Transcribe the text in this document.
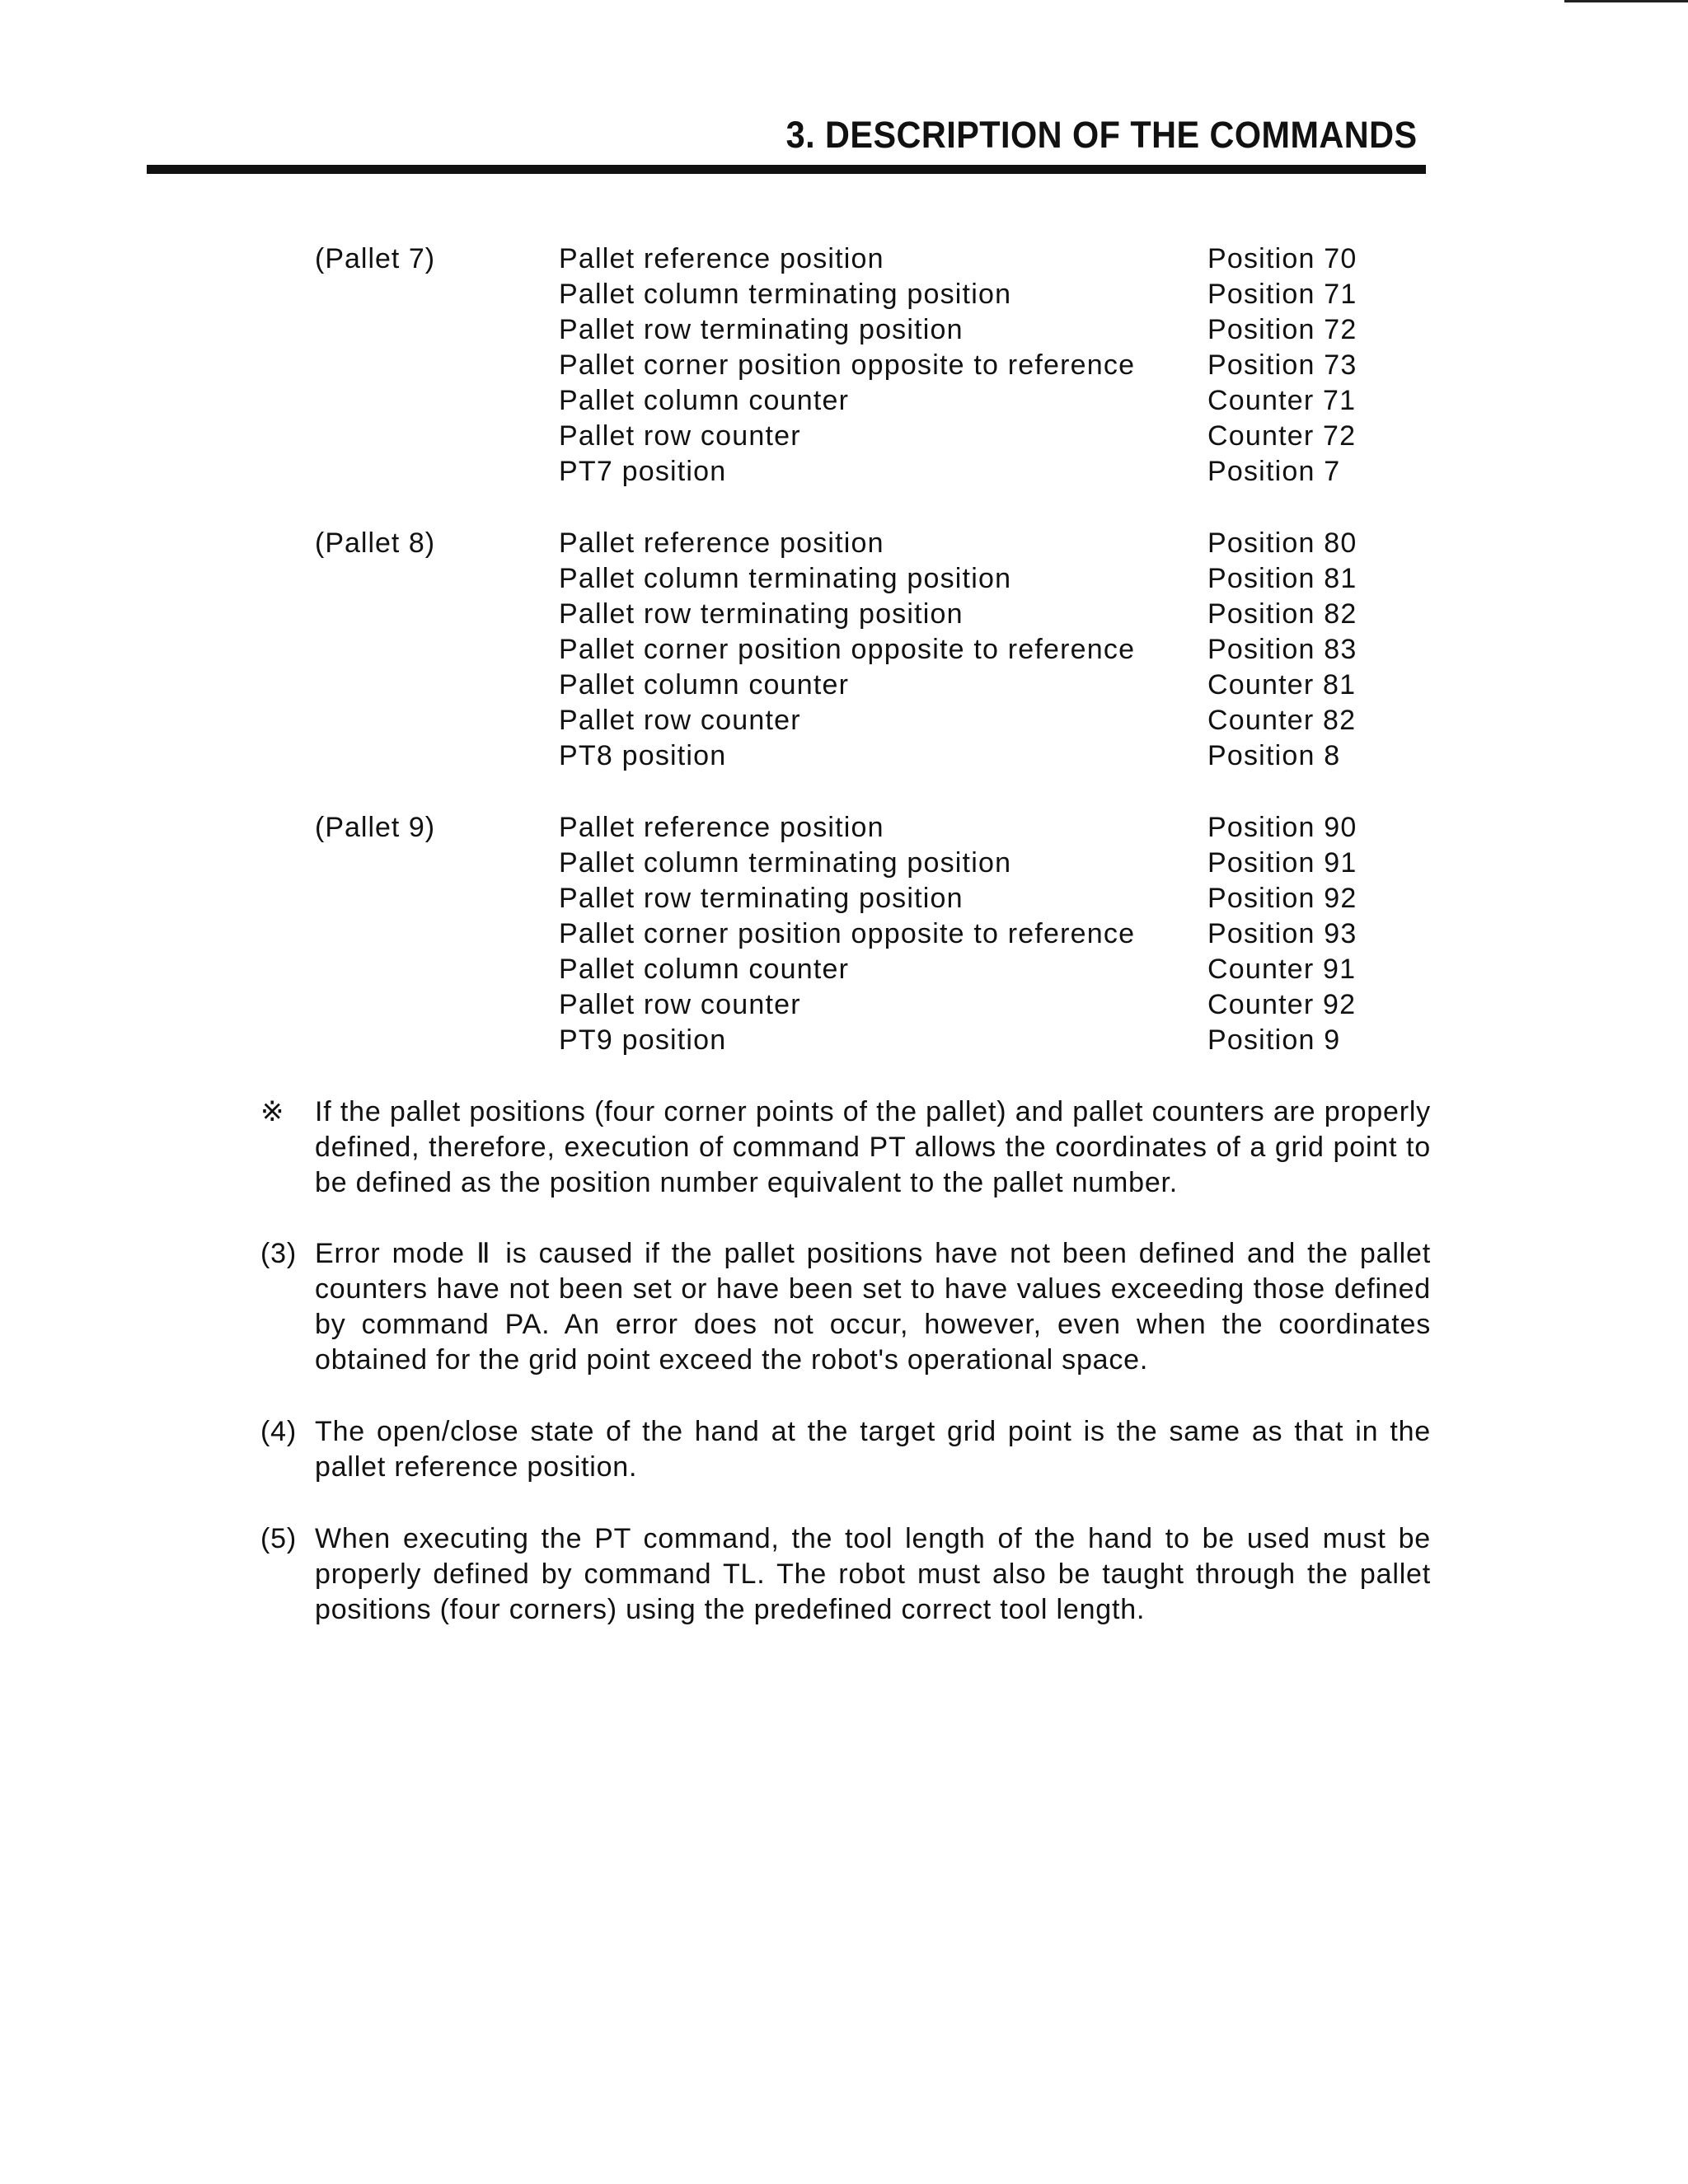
3. DESCRIPTION OF THE COMMANDS
(Pallet 7)	Pallet reference position	Position 70
Pallet column terminating position	Position 71
Pallet row terminating position	Position 72
Pallet corner position opposite to reference	Position 73
Pallet column counter	Counter 71
Pallet row counter	Counter 72
PT7 position	Position 7
(Pallet 8)	Pallet reference position	Position 80
Pallet column terminating position	Position 81
Pallet row terminating position	Position 82
Pallet corner position opposite to reference	Position 83
Pallet column counter	Counter 81
Pallet row counter	Counter 82
PT8 position	Position 8
(Pallet 9)	Pallet reference position	Position 90
Pallet column terminating position	Position 91
Pallet row terminating position	Position 92
Pallet corner position opposite to reference	Position 93
Pallet column counter	Counter 91
Pallet row counter	Counter 92
PT9 position	Position 9
※ If the pallet positions (four corner points of the pallet) and pallet counters are properly defined, therefore, execution of command PT allows the coordinates of a grid point to be defined as the position number equivalent to the pallet number.
(3) Error mode Ⅱ is caused if the pallet positions have not been defined and the pallet counters have not been set or have been set to have values exceeding those defined by command PA. An error does not occur, however, even when the coordinates obtained for the grid point exceed the robot's operational space.
(4) The open/close state of the hand at the target grid point is the same as that in the pallet reference position.
(5) When executing the PT command, the tool length of the hand to be used must be properly defined by command TL. The robot must also be taught through the pallet positions (four corners) using the predefined correct tool length.
